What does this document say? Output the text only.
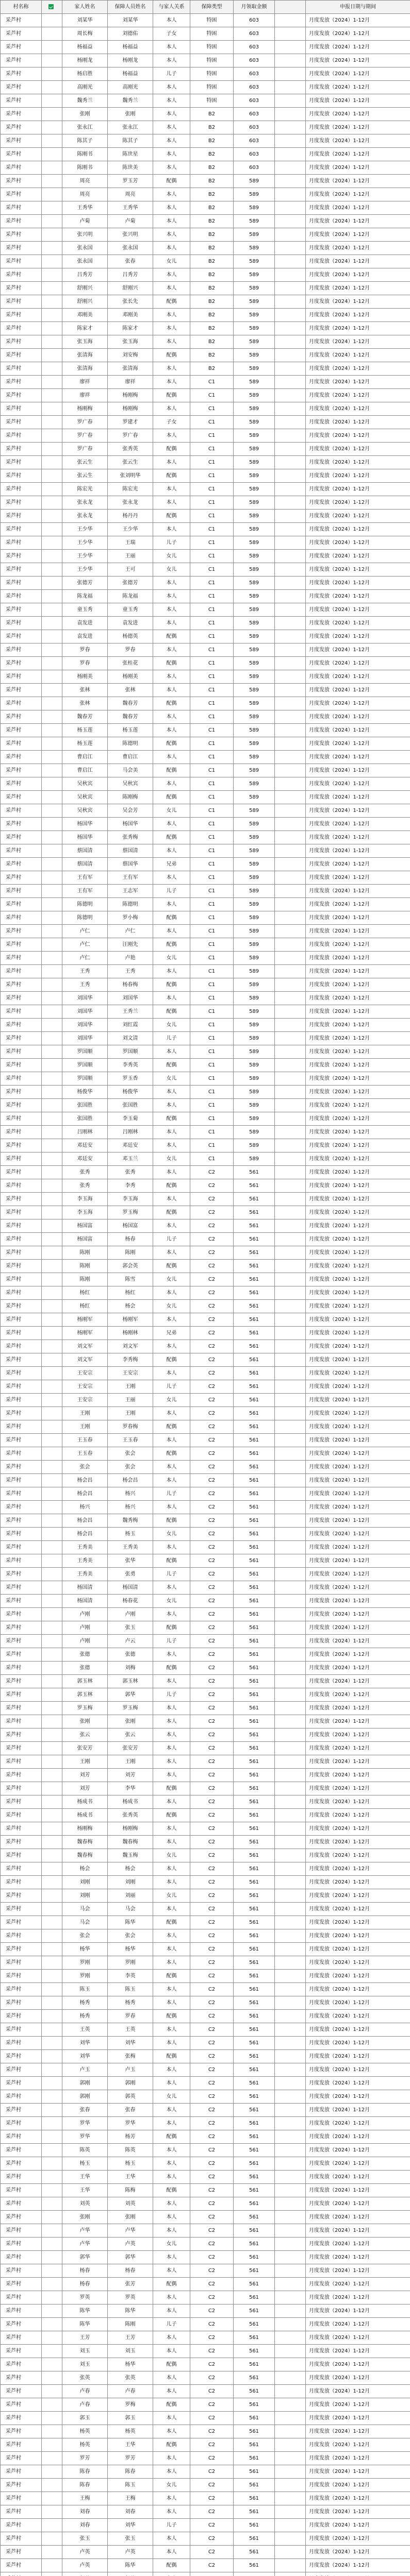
村名称		家人姓名	保障人员姓名	与家人关系	保障类型	月领取金额		申报日期与期间
采芦村		刘某华	刘某华	本人	特困	603		月度发放（2024）1-12月
采芦村		周长梅	刘德佑	子女	特困	603		月度发放（2024）1-12月
采芦村		杨福益	杨福益	本人	特困	603		月度发放（2024）1-12月
采芦村		杨刚龙	杨刚龙	本人	特困	603		月度发放（2024）1-12月
采芦村		杨启胜	杨福益	儿子	特困	603		月度发放（2024）1-12月
采芦村		高刚光	高刚光	本人	特困	603		月度发放（2024）1-12月
采芦村		魏秀兰	魏秀兰	本人	特困	603		月度发放（2024）1-12月
采芦村		张刚	张刚	本人	B2	603		月度发放（2024）1-12月
采芦村		张永江	张永江	本人	B2	603		月度发放（2024）1-12月
采芦村		陈其子	陈其子	本人	B2	603		月度发放（2024）1-12月
采芦村		陈刚书	陈世星	本人	B2	603		月度发放（2024）1-12月
采芦村		陈刚书	陈世美	本人	B2	603		月度发放（2024）1-12月
采芦村		周亮	罗玉芳	配偶	B2	589		月度发放（2024）1-12月
采芦村		周亮	周亮	本人	B2	589		月度发放（2024）1-12月
采芦村		王秀华	王秀华	本人	B2	589		月度发放（2024）1-12月
采芦村		卢菊	卢菊	本人	B2	589		月度发放（2024）1-12月
采芦村		张兴明	张兴明	本人	B2	589		月度发放（2024）1-12月
采芦村		张永国	张永国	本人	B2	589		月度发放（2024）1-12月
采芦村		张永国	张春	女儿	B2	589		月度发放（2024）1-12月
采芦村		吕秀芳	吕秀芳	本人	B2	589		月度发放（2024）1-12月
采芦村		舒刚兴	舒刚兴	本人	B2	589		月度发放（2024）1-12月
采芦村		舒刚兴	张长先	配偶	B2	589		月度发放（2024）1-12月
采芦村		邓刚美	邓刚美	本人	B2	589		月度发放（2024）1-12月
采芦村		陈家才	陈家才	本人	B2	589		月度发放（2024）1-12月
采芦村		张玉海	张玉海	本人	B2	589		月度发放（2024）1-12月
采芦村		张清海	刘安梅	配偶	B2	589		月度发放（2024）1-12月
采芦村		张清海	张清海	本人	B2	589		月度发放（2024）1-12月
采芦村		廖祥	廖祥	本人	C1	589		月度发放（2024）1-12月
采芦村		廖祥	杨刚梅	配偶	C1	589		月度发放（2024）1-12月
采芦村		杨刚梅	杨刚梅	本人	C1	589		月度发放（2024）1-12月
采芦村		罗广春	罗建才	子女	C1	589		月度发放（2024）1-12月
采芦村		罗广春	罗广春	本人	C1	589		月度发放（2024）1-12月
采芦村		罗广春	张秀英	配偶	C1	589		月度发放（2024）1-12月
采芦村		张云生	张云生	本人	C1	589		月度发放（2024）1-12月
采芦村		张云生	张刘明华	配偶	C1	589		月度发放（2024）1-12月
采芦村		陈宏光	陈宏光	本人	C1	589		月度发放（2024）1-12月
采芦村		张永龙	张永龙	本人	C1	589		月度发放（2024）1-12月
采芦村		张永龙	杨丹丹	配偶	C1	589		月度发放（2024）1-12月
采芦村		王少华	王少华	本人	C1	589		月度发放（2024）1-12月
采芦村		王少华	王瑞	儿子	C1	589		月度发放（2024）1-12月
采芦村		王少华	王丽	女儿	C1	589		月度发放（2024）1-12月
采芦村		王少华	王可	女儿	C1	589		月度发放（2024）1-12月
采芦村		张德芳	张德芳	本人	C1	589		月度发放（2024）1-12月
采芦村		陈龙福	陈龙福	本人	C1	589		月度发放（2024）1-12月
采芦村		童玉秀	童玉秀	本人	C1	589		月度发放（2024）1-12月
采芦村		袁发进	袁发进	本人	C1	589		月度发放（2024）1-12月
采芦村		袁发进	杨德英	配偶	C1	589		月度发放（2024）1-12月
采芦村		罗春	罗春	本人	C1	589		月度发放（2024）1-12月
采芦村		罗春	张桂花	配偶	C1	589		月度发放（2024）1-12月
采芦村		杨刚美	杨刚美	本人	C1	589		月度发放（2024）1-12月
采芦村		张林	张林	本人	C1	589		月度发放（2024）1-12月
采芦村		张林	魏春芳	配偶	C1	589		月度发放（2024）1-12月
采芦村		魏春芳	魏春芳	本人	C1	589		月度发放（2024）1-12月
采芦村		杨玉莲	杨玉莲	本人	C1	589		月度发放（2024）1-12月
采芦村		杨玉莲	陈德明	配偶	C1	589		月度发放（2024）1-12月
采芦村		曹启江	曹启江	本人	C1	589		月度发放（2024）1-12月
采芦村		曹启江	马会美	配偶	C1	589		月度发放（2024）1-12月
采芦村		吴秋宾	吴秋宾	本人	C1	589		月度发放（2024）1-12月
采芦村		吴秋宾	陈刚梅	配偶	C1	589		月度发放（2024）1-12月
采芦村		吴秋宾	吴会芳	女儿	C1	589		月度发放（2024）1-12月
采芦村		杨国华	杨国华	本人	C1	589		月度发放（2024）1-12月
采芦村		杨国华	张秀梅	配偶	C1	589		月度发放（2024）1-12月
采芦村		蔡国清	蔡国清	本人	C1	589		月度发放（2024）1-12月
采芦村		蔡国清	蔡国华	兄弟	C1	589		月度发放（2024）1-12月
采芦村		王有军	王有军	本人	C1	589		月度发放（2024）1-12月
采芦村		王有军	王志军	儿子	C1	589		月度发放（2024）1-12月
采芦村		陈德明	陈德明	本人	C1	589		月度发放（2024）1-12月
采芦村		陈德明	罗小梅	配偶	C1	589		月度发放（2024）1-12月
采芦村		卢仁	卢仁	本人	C1	589		月度发放（2024）1-12月
采芦村		卢仁	汪刚先	配偶	C1	589		月度发放（2024）1-12月
采芦村		卢仁	卢艳	女儿	C1	589		月度发放（2024）1-12月
采芦村		王秀	王秀	本人	C1	589		月度发放（2024）1-12月
采芦村		王秀	杨春梅	配偶	C1	589		月度发放（2024）1-12月
采芦村		刘国华	刘国华	本人	C1	589		月度发放（2024）1-12月
采芦村		刘国华	王秀兰	配偶	C1	589		月度发放（2024）1-12月
采芦村		刘国华	刘红霞	女儿	C1	589		月度发放（2024）1-12月
采芦村		刘国华	刘文清	儿子	C1	589		月度发放（2024）1-12月
采芦村		罗国顺	罗国顺	本人	C1	589		月度发放（2024）1-12月
采芦村		罗国顺	李秀英	配偶	C1	589		月度发放（2024）1-12月
采芦村		罗国顺	罗玉香	女儿	C1	589		月度发放（2024）1-12月
采芦村		杨俊华	杨俊华	本人	C1	589		月度发放（2024）1-12月
采芦村		张国胜	张国胜	本人	C1	589		月度发放（2024）1-12月
采芦村		张国胜	李玉菊	配偶	C1	589		月度发放（2024）1-12月
采芦村		吕刚林	吕刚林	本人	C1	589		月度发放（2024）1-12月
采芦村		邓廷安	邓廷安	本人	C1	589		月度发放（2024）1-12月
采芦村		邓廷安	邓玉兰	女儿	C1	589		月度发放（2024）1-12月
采芦村		张秀	张秀	本人	C2	561		月度发放（2024）1-12月
采芦村		张秀	李秀	配偶	C2	561		月度发放（2024）1-12月
采芦村		李玉海	李玉海	本人	C2	561		月度发放（2024）1-12月
采芦村		李玉海	罗玉梅	配偶	C2	561		月度发放（2024）1-12月
采芦村		杨国富	杨国富	本人	C2	561		月度发放（2024）1-12月
采芦村		杨国富	杨春	儿子	C2	561		月度发放（2024）1-12月
采芦村		陈刚	陈刚	本人	C2	561		月度发放（2024）1-12月
采芦村		陈刚	郭会英	配偶	C2	561		月度发放（2024）1-12月
采芦村		陈刚	陈雪	女儿	C2	561		月度发放（2024）1-12月
采芦村		杨红	杨红	本人	C2	561		月度发放（2024）1-12月
采芦村		杨红	杨会	女儿	C2	561		月度发放（2024）1-12月
采芦村		杨刚军	杨刚军	本人	C2	561		月度发放（2024）1-12月
采芦村		杨刚军	杨刚林	兄弟	C2	561		月度发放（2024）1-12月
采芦村		刘文军	刘文军	本人	C2	561		月度发放（2024）1-12月
采芦村		刘文军	李秀梅	配偶	C2	561		月度发放（2024）1-12月
采芦村		王安宗	王安宗	本人	C2	561		月度发放（2024）1-12月
采芦村		王安宗	王刚	儿子	C2	561		月度发放（2024）1-12月
采芦村		王安宗	王丽	女儿	C2	561		月度发放（2024）1-12月
采芦村		王刚	王刚	本人	C2	561		月度发放（2024）1-12月
采芦村		王刚	罗春梅	配偶	C2	561		月度发放（2024）1-12月
采芦村		王玉春	王玉春	本人	C2	561		月度发放（2024）1-12月
采芦村		王玉春	张会	配偶	C2	561		月度发放（2024）1-12月
采芦村		张会	张会	本人	C2	561		月度发放（2024）1-12月
采芦村		杨会昌	杨会昌	本人	C2	561		月度发放（2024）1-12月
采芦村		杨会昌	杨兴	儿子	C2	561		月度发放（2024）1-12月
采芦村		杨兴	杨兴	本人	C2	561		月度发放（2024）1-12月
采芦村		杨会昌	魏秀梅	配偶	C2	561		月度发放（2024）1-12月
采芦村		杨会昌	杨玉	女儿	C2	561		月度发放（2024）1-12月
采芦村		王秀美	王秀美	本人	C2	561		月度发放（2024）1-12月
采芦村		王秀美	张华	配偶	C2	561		月度发放（2024）1-12月
采芦村		王秀美	张勇	儿子	C2	561		月度发放（2024）1-12月
采芦村		杨国清	杨国清	本人	C2	561		月度发放（2024）1-12月
采芦村		杨国清	杨春花	女儿	C2	561		月度发放（2024）1-12月
采芦村		卢刚	卢刚	本人	C2	561		月度发放（2024）1-12月
采芦村		卢刚	张玉	配偶	C2	561		月度发放（2024）1-12月
采芦村		卢刚	卢云	儿子	C2	561		月度发放（2024）1-12月
采芦村		张德	张德	本人	C2	561		月度发放（2024）1-12月
采芦村		张德	刘梅	配偶	C2	561		月度发放（2024）1-12月
采芦村		郭玉林	郭玉林	本人	C2	561		月度发放（2024）1-12月
采芦村		郭玉林	郭华	儿子	C2	561		月度发放（2024）1-12月
采芦村		罗玉梅	罗玉梅	本人	C2	561		月度发放（2024）1-12月
采芦村		张刚	张刚	本人	C2	561		月度发放（2024）1-12月
采芦村		张云	张云	本人	C2	561		月度发放（2024）1-12月
采芦村		张安芳	张安芳	本人	C2	561		月度发放（2024）1-12月
采芦村		王刚	王刚	本人	C2	561		月度发放（2024）1-12月
采芦村		刘芳	刘芳	本人	C2	561		月度发放（2024）1-12月
采芦村		刘芳	李华	配偶	C2	561		月度发放（2024）1-12月
采芦村		杨成书	杨成书	本人	C2	561		月度发放（2024）1-12月
采芦村		杨成书	张秀英	配偶	C2	561		月度发放（2024）1-12月
采芦村		杨刚梅	杨刚梅	本人	C2	561		月度发放（2024）1-12月
采芦村		魏春梅	魏春梅	本人	C2	561		月度发放（2024）1-12月
采芦村		魏春梅	魏玉梅	女儿	C2	561		月度发放（2024）1-12月
采芦村		杨会	杨会	本人	C2	561		月度发放（2024）1-12月
采芦村		刘刚	刘刚	本人	C2	561		月度发放（2024）1-12月
采芦村		刘刚	刘丽	女儿	C2	561		月度发放（2024）1-12月
采芦村		马会	马会	本人	C2	561		月度发放（2024）1-12月
采芦村		马会	陈华	配偶	C2	561		月度发放（2024）1-12月
采芦村		张会	张会	本人	C2	561		月度发放（2024）1-12月
采芦村		杨华	杨华	本人	C2	561		月度发放（2024）1-12月
采芦村		罗刚	罗刚	本人	C2	561		月度发放（2024）1-12月
采芦村		罗刚	李英	配偶	C2	561		月度发放（2024）1-12月
采芦村		陈玉	陈玉	本人	C2	561		月度发放（2024）1-12月
采芦村		杨秀	杨秀	本人	C2	561		月度发放（2024）1-12月
采芦村		杨秀	罗春	配偶	C2	561		月度发放（2024）1-12月
采芦村		王英	王英	本人	C2	561		月度发放（2024）1-12月
采芦村		刘华	刘华	本人	C2	561		月度发放（2024）1-12月
采芦村		刘华	张梅	配偶	C2	561		月度发放（2024）1-12月
采芦村		卢玉	卢玉	本人	C2	561		月度发放（2024）1-12月
采芦村		郭刚	郭刚	本人	C2	561		月度发放（2024）1-12月
采芦村		郭刚	郭英	女儿	C2	561		月度发放（2024）1-12月
采芦村		张春	张春	本人	C2	561		月度发放（2024）1-12月
采芦村		罗华	罗华	本人	C2	561		月度发放（2024）1-12月
采芦村		罗华	杨芳	配偶	C2	561		月度发放（2024）1-12月
采芦村		陈英	陈英	本人	C2	561		月度发放（2024）1-12月
采芦村		杨玉	杨玉	本人	C2	561		月度发放（2024）1-12月
采芦村		王华	王华	本人	C2	561		月度发放（2024）1-12月
采芦村		王华	陈梅	配偶	C2	561		月度发放（2024）1-12月
采芦村		刘英	刘英	本人	C2	561		月度发放（2024）1-12月
采芦村		张刚	张刚	本人	C2	561		月度发放（2024）1-12月
采芦村		卢华	卢华	本人	C2	561		月度发放（2024）1-12月
采芦村		卢华	卢英	女儿	C2	561		月度发放（2024）1-12月
采芦村		郭华	郭华	本人	C2	561		月度发放（2024）1-12月
采芦村		杨春	杨春	本人	C2	561		月度发放（2024）1-12月
采芦村		杨春	张芳	配偶	C2	561		月度发放（2024）1-12月
采芦村		罗英	罗英	本人	C2	561		月度发放（2024）1-12月
采芦村		陈华	陈华	本人	C2	561		月度发放（2024）1-12月
采芦村		陈华	陈刚	儿子	C2	561		月度发放（2024）1-12月
采芦村		王芳	王芳	本人	C2	561		月度发放（2024）1-12月
采芦村		刘玉	刘玉	本人	C2	561		月度发放（2024）1-12月
采芦村		刘玉	杨华	配偶	C2	561		月度发放（2024）1-12月
采芦村		张英	张英	本人	C2	561		月度发放（2024）1-12月
采芦村		卢春	卢春	本人	C2	561		月度发放（2024）1-12月
采芦村		卢春	罗梅	配偶	C2	561		月度发放（2024）1-12月
采芦村		郭玉	郭玉	本人	C2	561		月度发放（2024）1-12月
采芦村		杨英	杨英	本人	C2	561		月度发放（2024）1-12月
采芦村		杨英	王华	配偶	C2	561		月度发放（2024）1-12月
采芦村		罗芳	罗芳	本人	C2	561		月度发放（2024）1-12月
采芦村		陈春	陈春	本人	C2	561		月度发放（2024）1-12月
采芦村		陈春	陈玉	女儿	C2	561		月度发放（2024）1-12月
采芦村		王梅	王梅	本人	C2	561		月度发放（2024）1-12月
采芦村		刘春	刘春	本人	C2	561		月度发放（2024）1-12月
采芦村		刘春	刘华	儿子	C2	561		月度发放（2024）1-12月
采芦村		张玉	张玉	本人	C2	561		月度发放（2024）1-12月
采芦村		卢英	卢英	本人	C2	561		月度发放（2024）1-12月
采芦村		卢英	陈华	配偶	C2	561		月度发放（2024）1-12月
